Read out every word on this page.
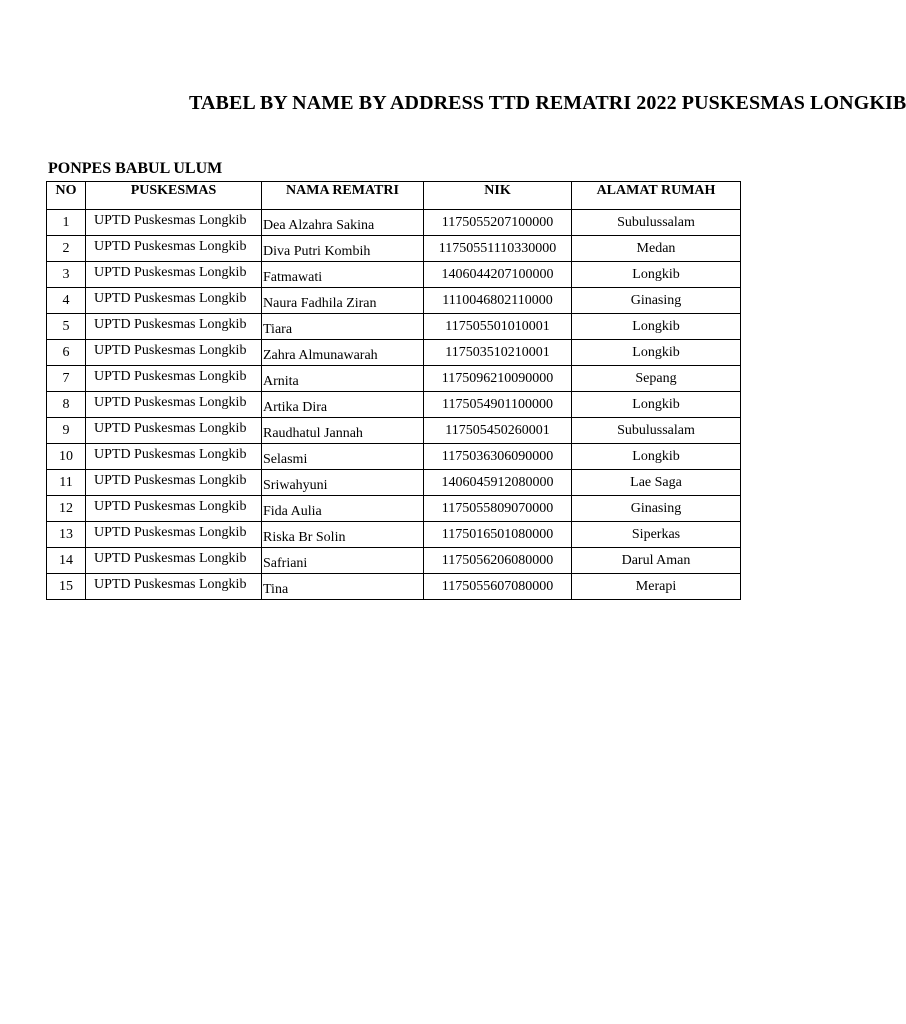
TABEL BY NAME BY ADDRESS TTD REMATRI 2022 PUSKESMAS LONGKIB
PONPES BABUL ULUM
NO	PUSKESMAS	NAMA REMATRI	NIK	ALAMAT RUMAH
1	UPTD Puskesmas Longkib	Dea Alzahra Sakina	1175055207100000	Subulussalam
2	UPTD Puskesmas Longkib	Diva Putri Kombih	11750551110330000	Medan
3	UPTD Puskesmas Longkib	Fatmawati	1406044207100000	Longkib
4	UPTD Puskesmas Longkib	Naura Fadhila Ziran	1110046802110000	Ginasing
5	UPTD Puskesmas Longkib	Tiara	117505501010001	Longkib
6	UPTD Puskesmas Longkib	Zahra Almunawarah	117503510210001	Longkib
7	UPTD Puskesmas Longkib	Arnita	1175096210090000	Sepang
8	UPTD Puskesmas Longkib	Artika Dira	1175054901100000	Longkib
9	UPTD Puskesmas Longkib	Raudhatul Jannah	117505450260001	Subulussalam
10	UPTD Puskesmas Longkib	Selasmi	1175036306090000	Longkib
11	UPTD Puskesmas Longkib	Sriwahyuni	1406045912080000	Lae Saga
12	UPTD Puskesmas Longkib	Fida Aulia	1175055809070000	Ginasing
13	UPTD Puskesmas Longkib	Riska Br Solin	1175016501080000	Siperkas
14	UPTD Puskesmas Longkib	Safriani	1175056206080000	Darul Aman
15	UPTD Puskesmas Longkib	Tina	1175055607080000	Merapi
